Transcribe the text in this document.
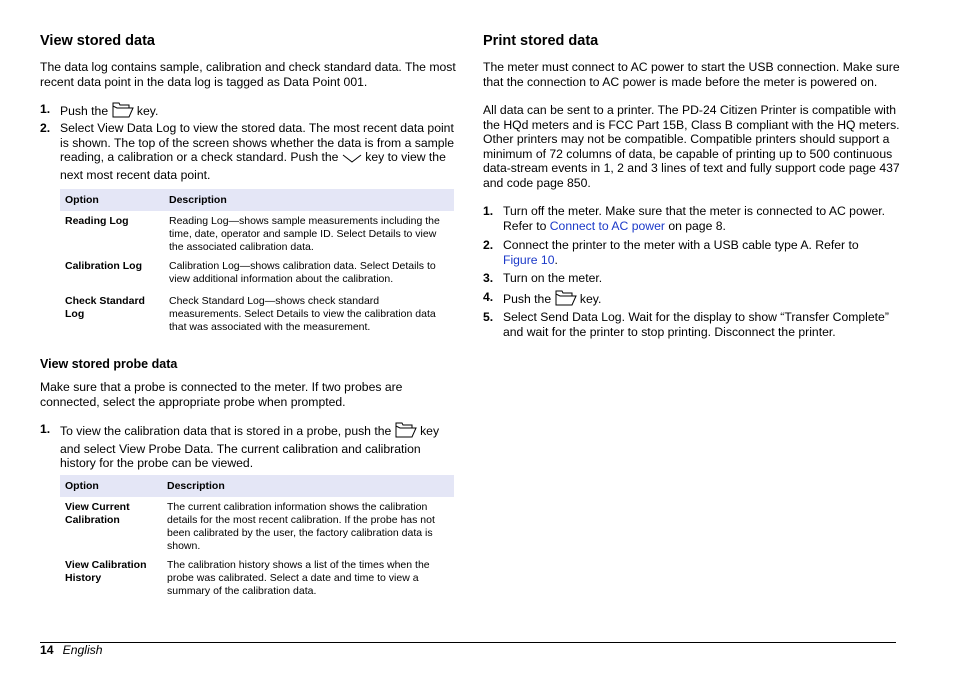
View stored data
The data log contains sample, calibration and check standard data. The most recent data point in the data log is tagged as Data Point 001.
1. Push the key.
2. Select View Data Log to view the stored data. The most recent data point is shown. The top of the screen shows whether the data is from a sample reading, a calibration or a check standard. Push the key to view the next most recent data point.
Option	Description
Reading Log	Reading Log—shows sample measurements including the time, date, operator and sample ID. Select Details to view the associated calibration data.
Calibration Log	Calibration Log—shows calibration data. Select Details to view additional information about the calibration.
Check Standard Log	Check Standard Log—shows check standard measurements. Select Details to view the calibration data that was associated with the measurement.
View stored probe data
Make sure that a probe is connected to the meter. If two probes are connected, select the appropriate probe when prompted.
1. To view the calibration data that is stored in a probe, push the key and select View Probe Data. The current calibration and calibration history for the probe can be viewed.
Option	Description
View Current Calibration	The current calibration information shows the calibration details for the most recent calibration. If the probe has not been calibrated by the user, the factory calibration data is shown.
View Calibration History	The calibration history shows a list of the times when the probe was calibrated. Select a date and time to view a summary of the calibration data.
Print stored data
The meter must connect to AC power to start the USB connection. Make sure that the connection to AC power is made before the meter is powered on.
All data can be sent to a printer. The PD-24 Citizen Printer is compatible with the HQd meters and is FCC Part 15B, Class B compliant with the HQ meters. Other printers may not be compatible. Compatible printers should support a minimum of 72 columns of data, be capable of printing up to 500 continuous data-stream events in 1, 2 and 3 lines of text and fully support code page 437 and code page 850.
1. Turn off the meter. Make sure that the meter is connected to AC power. Refer to Connect to AC power on page 8.
2. Connect the printer to the meter with a USB cable type A. Refer to Figure 10.
3. Turn on the meter.
4. Push the key.
5. Select Send Data Log. Wait for the display to show “Transfer Complete” and wait for the printer to stop printing. Disconnect the printer.
14 English
